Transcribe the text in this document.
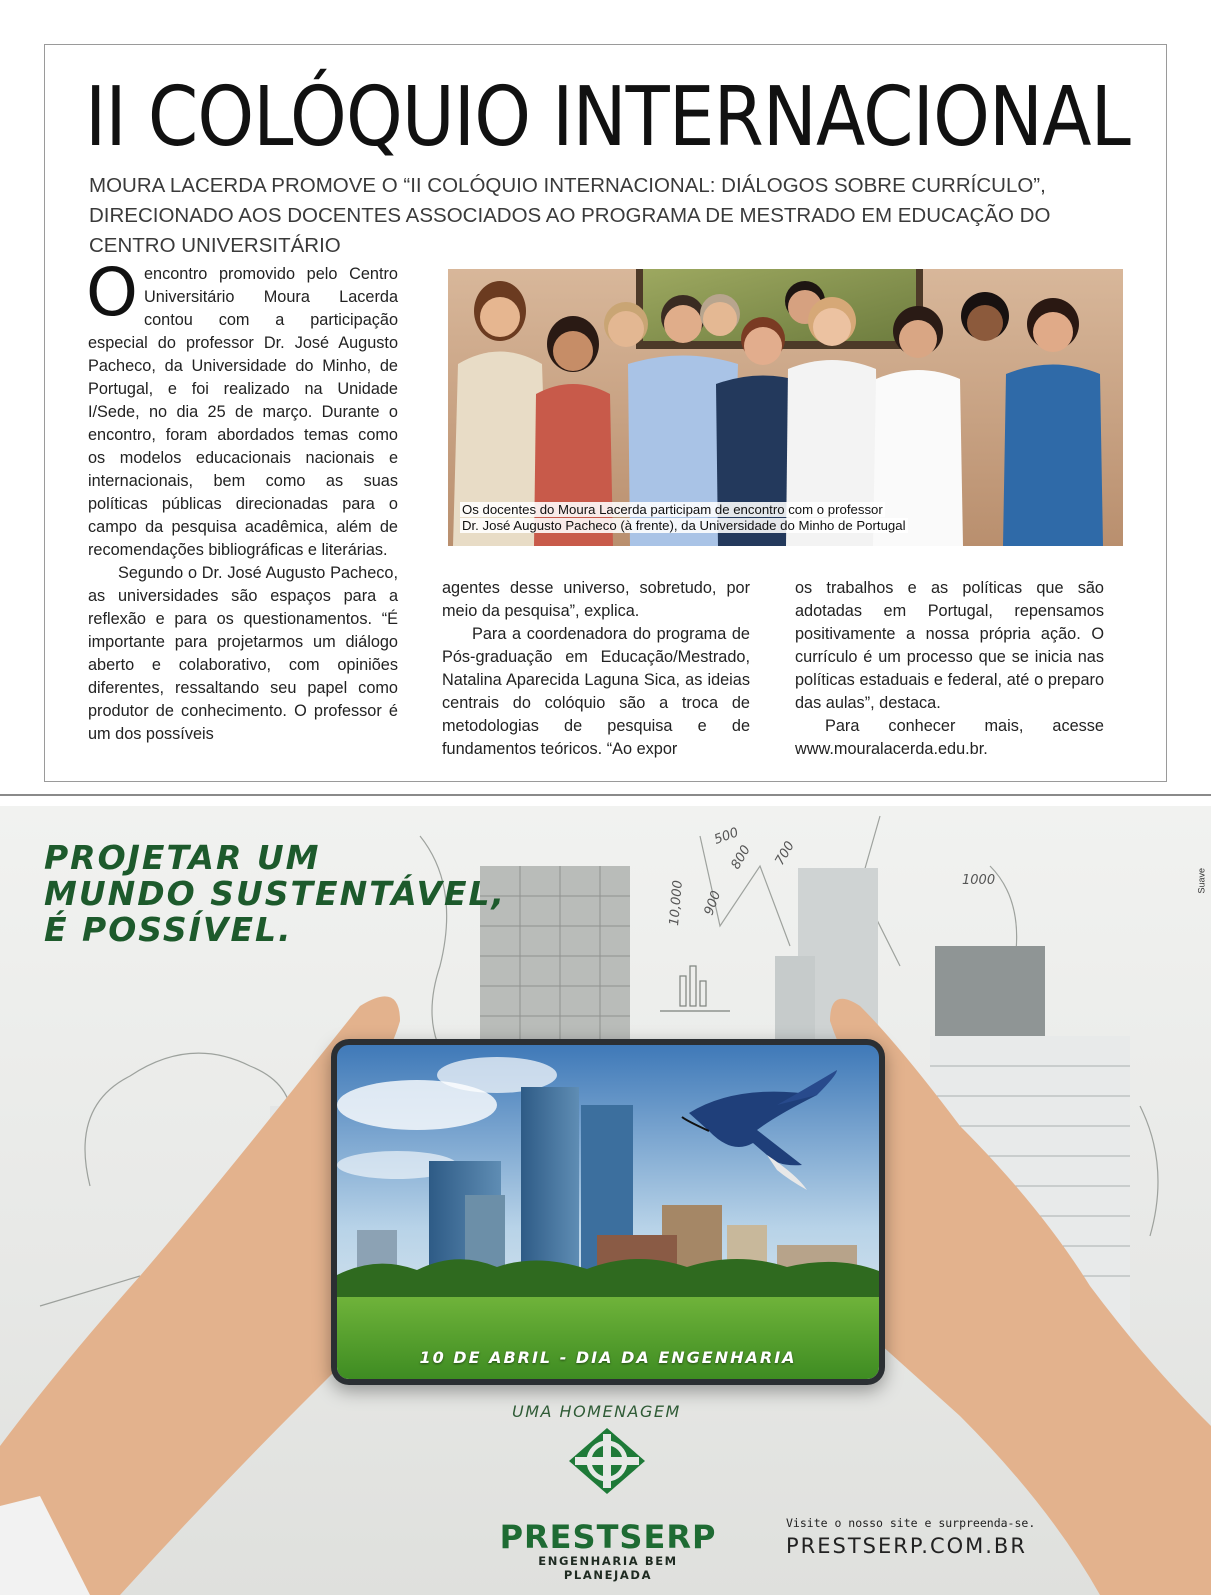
II COLÓQUIO INTERNACIONAL
MOURA LACERDA PROMOVE O “II COLÓQUIO INTERNACIONAL: DIÁLOGOS SOBRE CURRÍCULO”, DIRECIONADO AOS DOCENTES ASSOCIADOS AO PROGRAMA DE MESTRADO EM EDUCAÇÃO DO CENTRO UNIVERSITÁRIO

O encontro promovido pelo Centro Universitário Moura Lacerda contou com a participação especial do professor Dr. José Augusto Pacheco, da Universidade do Minho, de Portugal, e foi realizado na Unidade I/Sede, no dia 25 de março. Durante o encontro, foram abordados temas como os modelos educacionais nacionais e internacionais, bem como as suas políticas públicas direcionadas para o campo da pesquisa acadêmica, além de recomendações bibliográficas e literárias.

Segundo o Dr. José Augusto Pacheco, as universidades são espaços para a reflexão e para os questionamentos. “É importante para projetarmos um diálogo aberto e colaborativo, com opiniões diferentes, ressaltando seu papel como produtor de conhecimento. O professor é um dos possíveis

Os docentes do Moura Lacerda participam de encontro com o professor
Dr. José Augusto Pacheco (à frente), da Universidade do Minho de Portugal

agentes desse universo, sobretudo, por meio da pesquisa”, explica.

Para a coordenadora do programa de Pós-graduação em Educação/Mestrado, Natalina Aparecida Laguna Sica, as ideias centrais do colóquio são a troca de metodologias de pesquisa e de fundamentos teóricos. “Ao expor

os trabalhos e as políticas que são adotadas em Portugal, repensamos positivamente a nossa própria ação. O currículo é um processo que se inicia nas políticas estaduais e federal, até o preparo das aulas”, destaca.

Para conhecer mais, acesse www.mouralacerda.edu.br.

500
800 700
900
10,000	1000
PROJETAR UM
MUNDO SUSTENTÁVEL,
É POSSÍVEL.
Suave
10 DE ABRIL - DIA DA ENGENHARIA
UMA HOMENAGEM
PRESTSERP
ENGENHARIA BEM PLANEJADA
Visite o nosso site e surpreenda-se.
PRESTSERP.COM.BR
